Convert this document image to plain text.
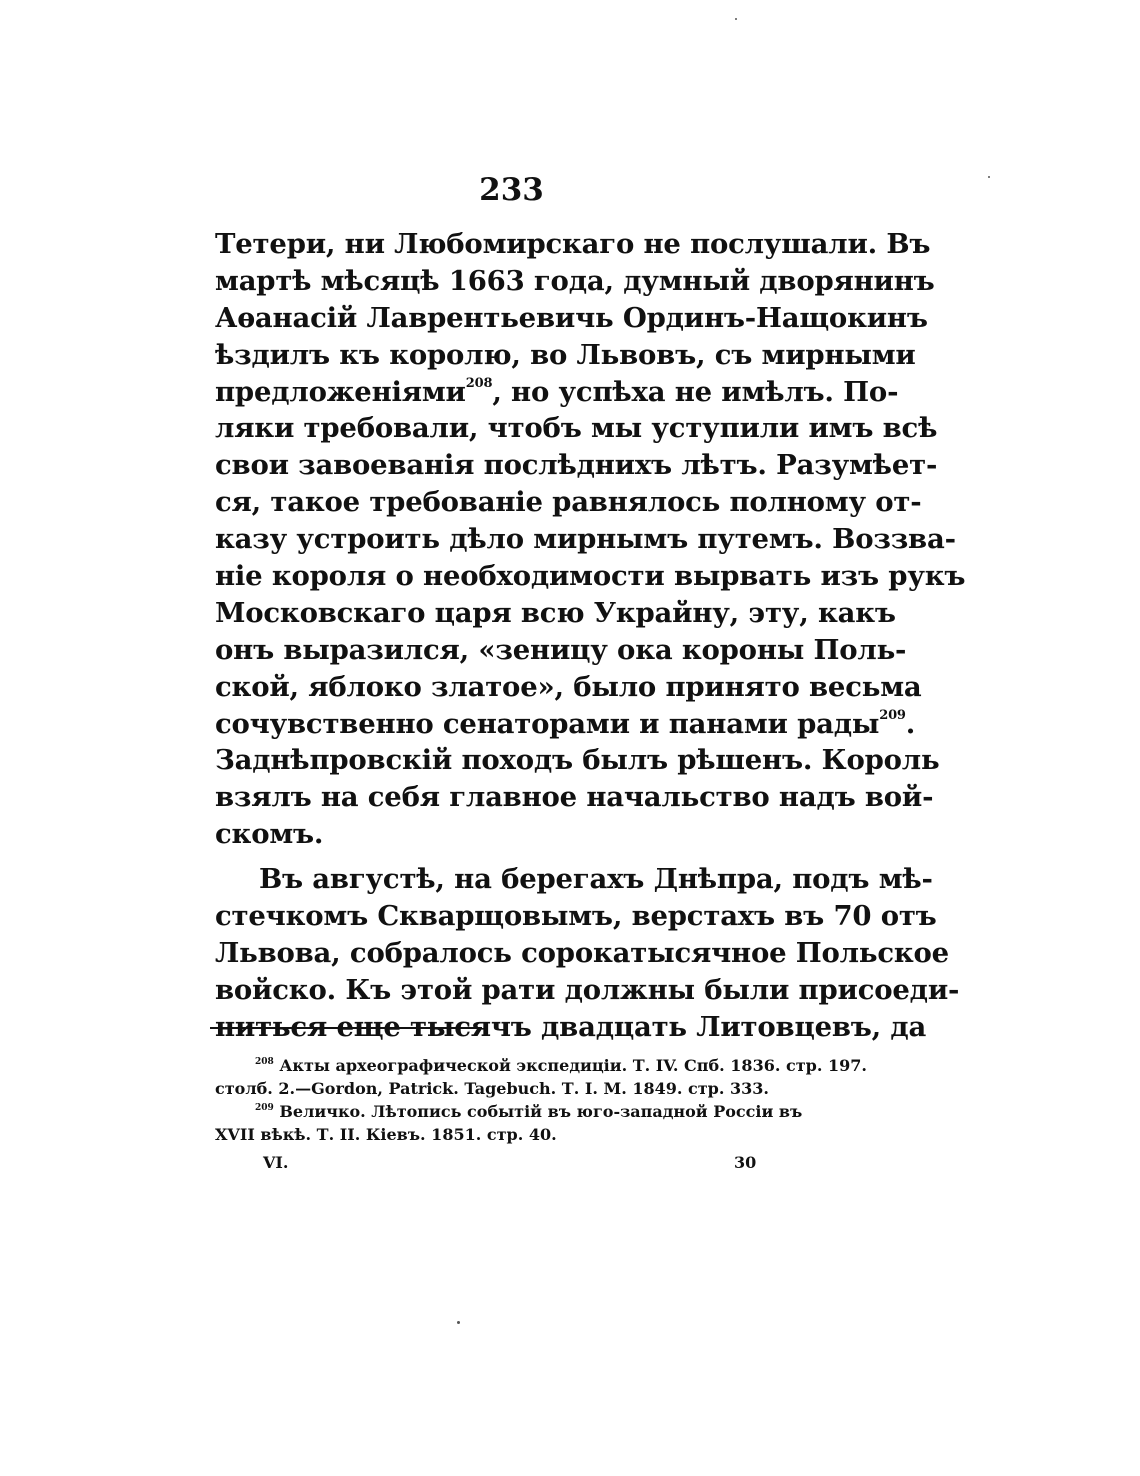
233
Тетери, ни Любомирскаго не послушали. Въ
мартѣ мѣсяцѣ 1663 года, думный дворянинъ
Аѳанасій Лаврентьевичь Ординъ-Нащокинъ
ѣздилъ къ королю, во Львовъ, съ мирными
предложеніями$^{208}$, но успѣха не имѣлъ. По-
ляки требовали, чтобъ мы уступили имъ всѣ
свои завоеванія послѣднихъ лѣтъ. Разумѣет-
ся, такое требованіе равнялось полному от-
казу устроить дѣло мирнымъ путемъ. Воззва-
ніе короля о необходимости вырвать изъ рукъ
Московскаго царя всю Украйну, эту, какъ
онъ выразился, «зеницу ока короны Поль-
ской, яблоко златое», было принято весьма
сочувственно сенаторами и панами рады$^{209}$.
Заднѣпровскій походъ былъ рѣшенъ. Король
взялъ на себя главное начальство надъ вой-
скомъ.
Въ августѣ, на берегахъ Днѣпра, подъ мѣ-
стечкомъ Скварщовымъ, верстахъ въ 70 отъ
Львова, собралось сорокатысячное Польское
войско. Къ этой рати должны были присоеди-
ниться еще тысячъ двадцать Литовцевъ, да
$^{208}$ Акты археографической экспедиціи. Т. IV. Спб. 1836. стр. 197.
столб. 2.—Gordon, Patrick. Tagebuch. Т. I. М. 1849. стр. 333.
$^{209}$ Величко. Лѣтопись событій въ юго-западной Россіи въ
XVII вѣкѣ. Т. II. Кіевъ. 1851. стр. 40.
VI.	30
